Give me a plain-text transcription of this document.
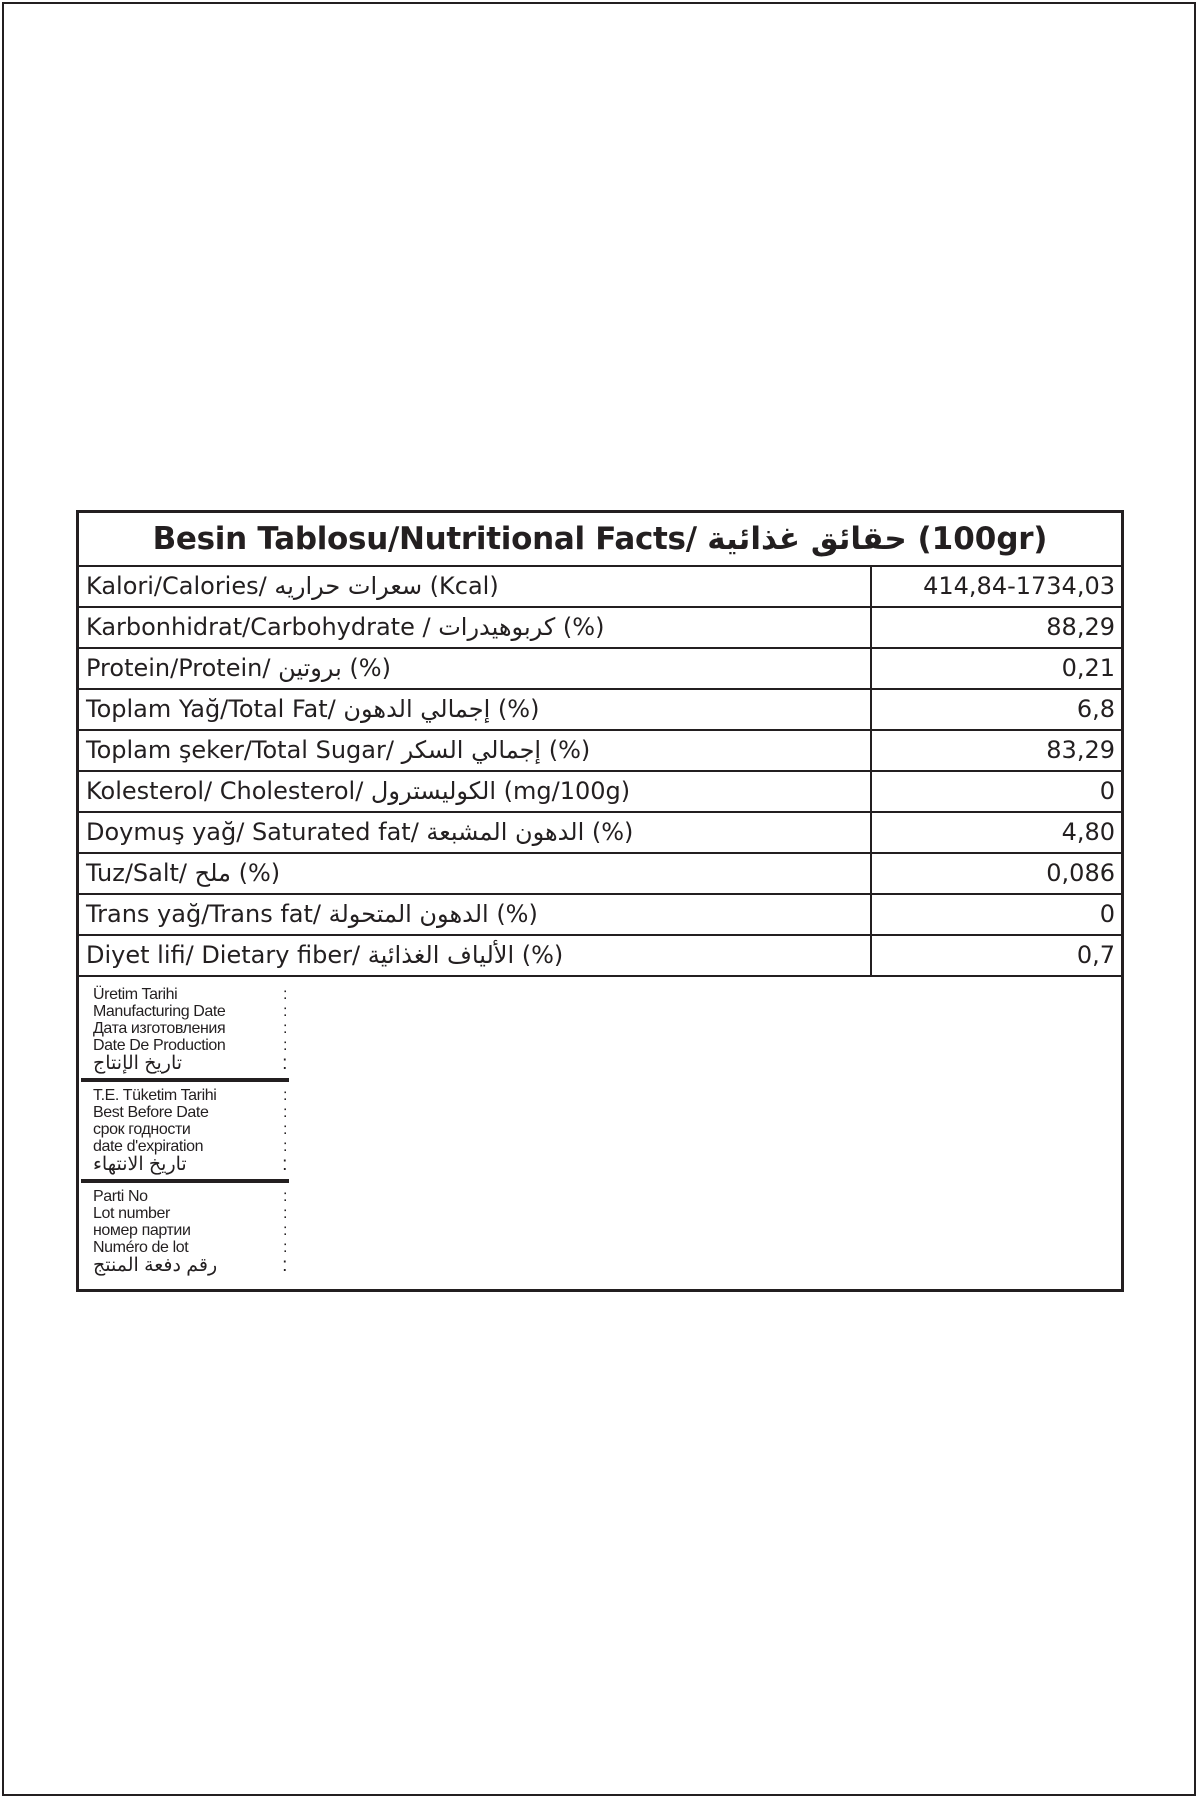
Besin Tablosu/Nutritional Facts/ حقائق غذائية (100gr)
Kalori/Calories/ سعرات حراريه (Kcal)	414,84-1734,03
Karbonhidrat/Carbohydrate / كربوهيدرات (%)	88,29
Protein/Protein/ بروتين (%)	0,21
Toplam Yağ/Total Fat/ إجمالي الدهون (%)	6,8
Toplam şeker/Total Sugar/ إجمالي السكر (%)	83,29
Kolesterol/ Cholesterol/ الكوليسترول (mg/100g)	0
Doymuş yağ/ Saturated fat/ الدهون المشبعة (%)	4,80
Tuz/Salt/ ملح (%)	0,086
Trans yağ/Trans fat/ الدهون المتحولة (%)	0
Diyet lifi/ Dietary fiber/ الألياف الغذائية (%)	0,7
Üretim Tarihi	:
Manufacturing Date	:
Дата изготовления	:
Date De Production	:
تاريخ الإنتاج	:
T.E. Tüketim Tarihi	:
Best Before Date	:
срок годности	:
date d'expiration	:
تاريخ الانتهاء	:
Parti No	:
Lot number	:
номер партии	:
Numéro de lot	:
رقم دفعة المنتج	:
